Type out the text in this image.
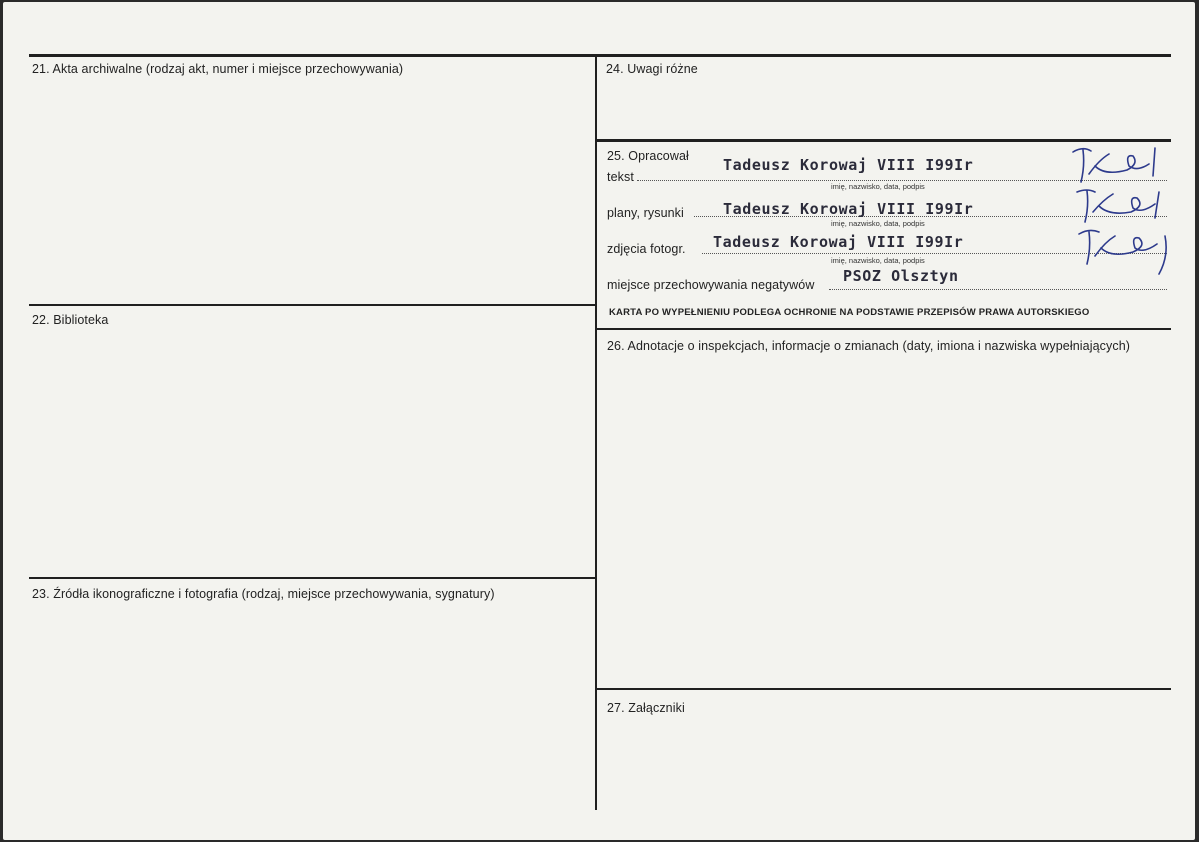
21. Akta archiwalne (rodzaj akt, numer i miejsce przechowywania)
22. Biblioteka
23. Źródła ikonograficzne i fotografia (rodzaj, miejsce przechowywania, sygnatury)
24. Uwagi różne
25. Opracował
tekst
Tadeusz Korowaj VIII I99Ir
imię, nazwisko, data, podpis
plany, rysunki	Tadeusz Korowaj VIII I99Ir
imię, nazwisko, data, podpis
zdjęcia fotogr. Tadeusz Korowaj VIII I99Ir
imię, nazwisko, data, podpis
miejsce przechowywania negatywów PSOZ Olsztyn
KARTA PO WYPEŁNIENIU PODLEGA OCHRONIE NA PODSTAWIE PRZEPISÓW PRAWA AUTORSKIEGO
26. Adnotacje o inspekcjach, informacje o zmianach (daty, imiona i nazwiska wypełniających)
27. Załączniki
